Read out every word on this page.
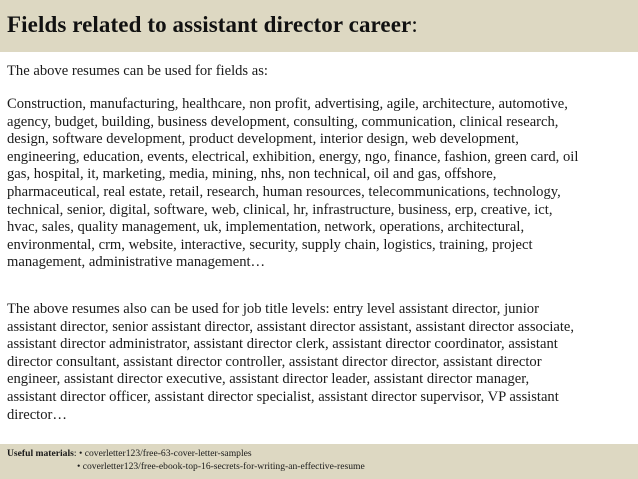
Fields related to assistant director career:
The above resumes can be used for fields as:
Construction, manufacturing, healthcare, non profit, advertising, agile, architecture, automotive,
agency, budget, building, business development, consulting, communication, clinical research,
design, software development, product development, interior design, web development,
engineering, education, events, electrical, exhibition, energy, ngo, finance, fashion, green card, oil
gas, hospital, it, marketing, media, mining, nhs, non technical, oil and gas, offshore,
pharmaceutical, real estate, retail, research, human resources, telecommunications, technology,
technical, senior, digital, software, web, clinical, hr, infrastructure, business, erp, creative, ict,
hvac, sales, quality management, uk, implementation, network, operations, architectural,
environmental, crm, website, interactive, security, supply chain, logistics, training, project
management, administrative management…
The above resumes also can be used for job title levels: entry level assistant director, junior
assistant director, senior assistant director, assistant director assistant, assistant director associate,
assistant director administrator, assistant director clerk, assistant director coordinator, assistant
director consultant, assistant director controller, assistant director director, assistant director
engineer, assistant director executive, assistant director leader, assistant director manager,
assistant director officer, assistant director specialist, assistant director supervisor, VP assistant
director…
Useful materials: • coverletter123/free-63-cover-letter-samples
• coverletter123/free-ebook-top-16-secrets-for-writing-an-effective-resume
